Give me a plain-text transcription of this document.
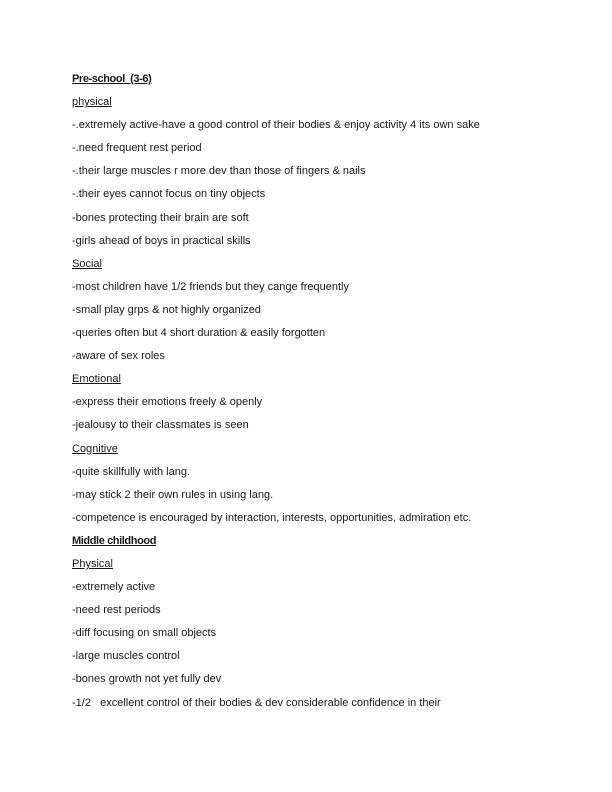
Pre-school  (3-6)
physical
-.extremely active-have a good control of their bodies & enjoy activity 4 its own sake
-.need frequent rest period
-.their large muscles r more dev than those of fingers & nails
-.their eyes cannot focus on tiny objects
-bones protecting their brain are soft
-girls ahead of boys in practical skills
Social
-most children have 1/2 friends but they cange frequently
-small play grps & not highly organized
-queries often but 4 short duration & easily forgotten
-aware of sex roles
Emotional
-express their emotions freely & openly
-jealousy to their classmates is seen
Cognitive
-quite skillfully with lang.
-may stick 2 their own rules in using lang.
-competence is encouraged by interaction, interests, opportunities, admiration etc.
Middle childhood
Physical
-extremely active
-need rest periods
-diff focusing on small objects
-large muscles control
-bones growth not yet fully dev
-1/2   excellent control of their bodies & dev considerable confidence in their
